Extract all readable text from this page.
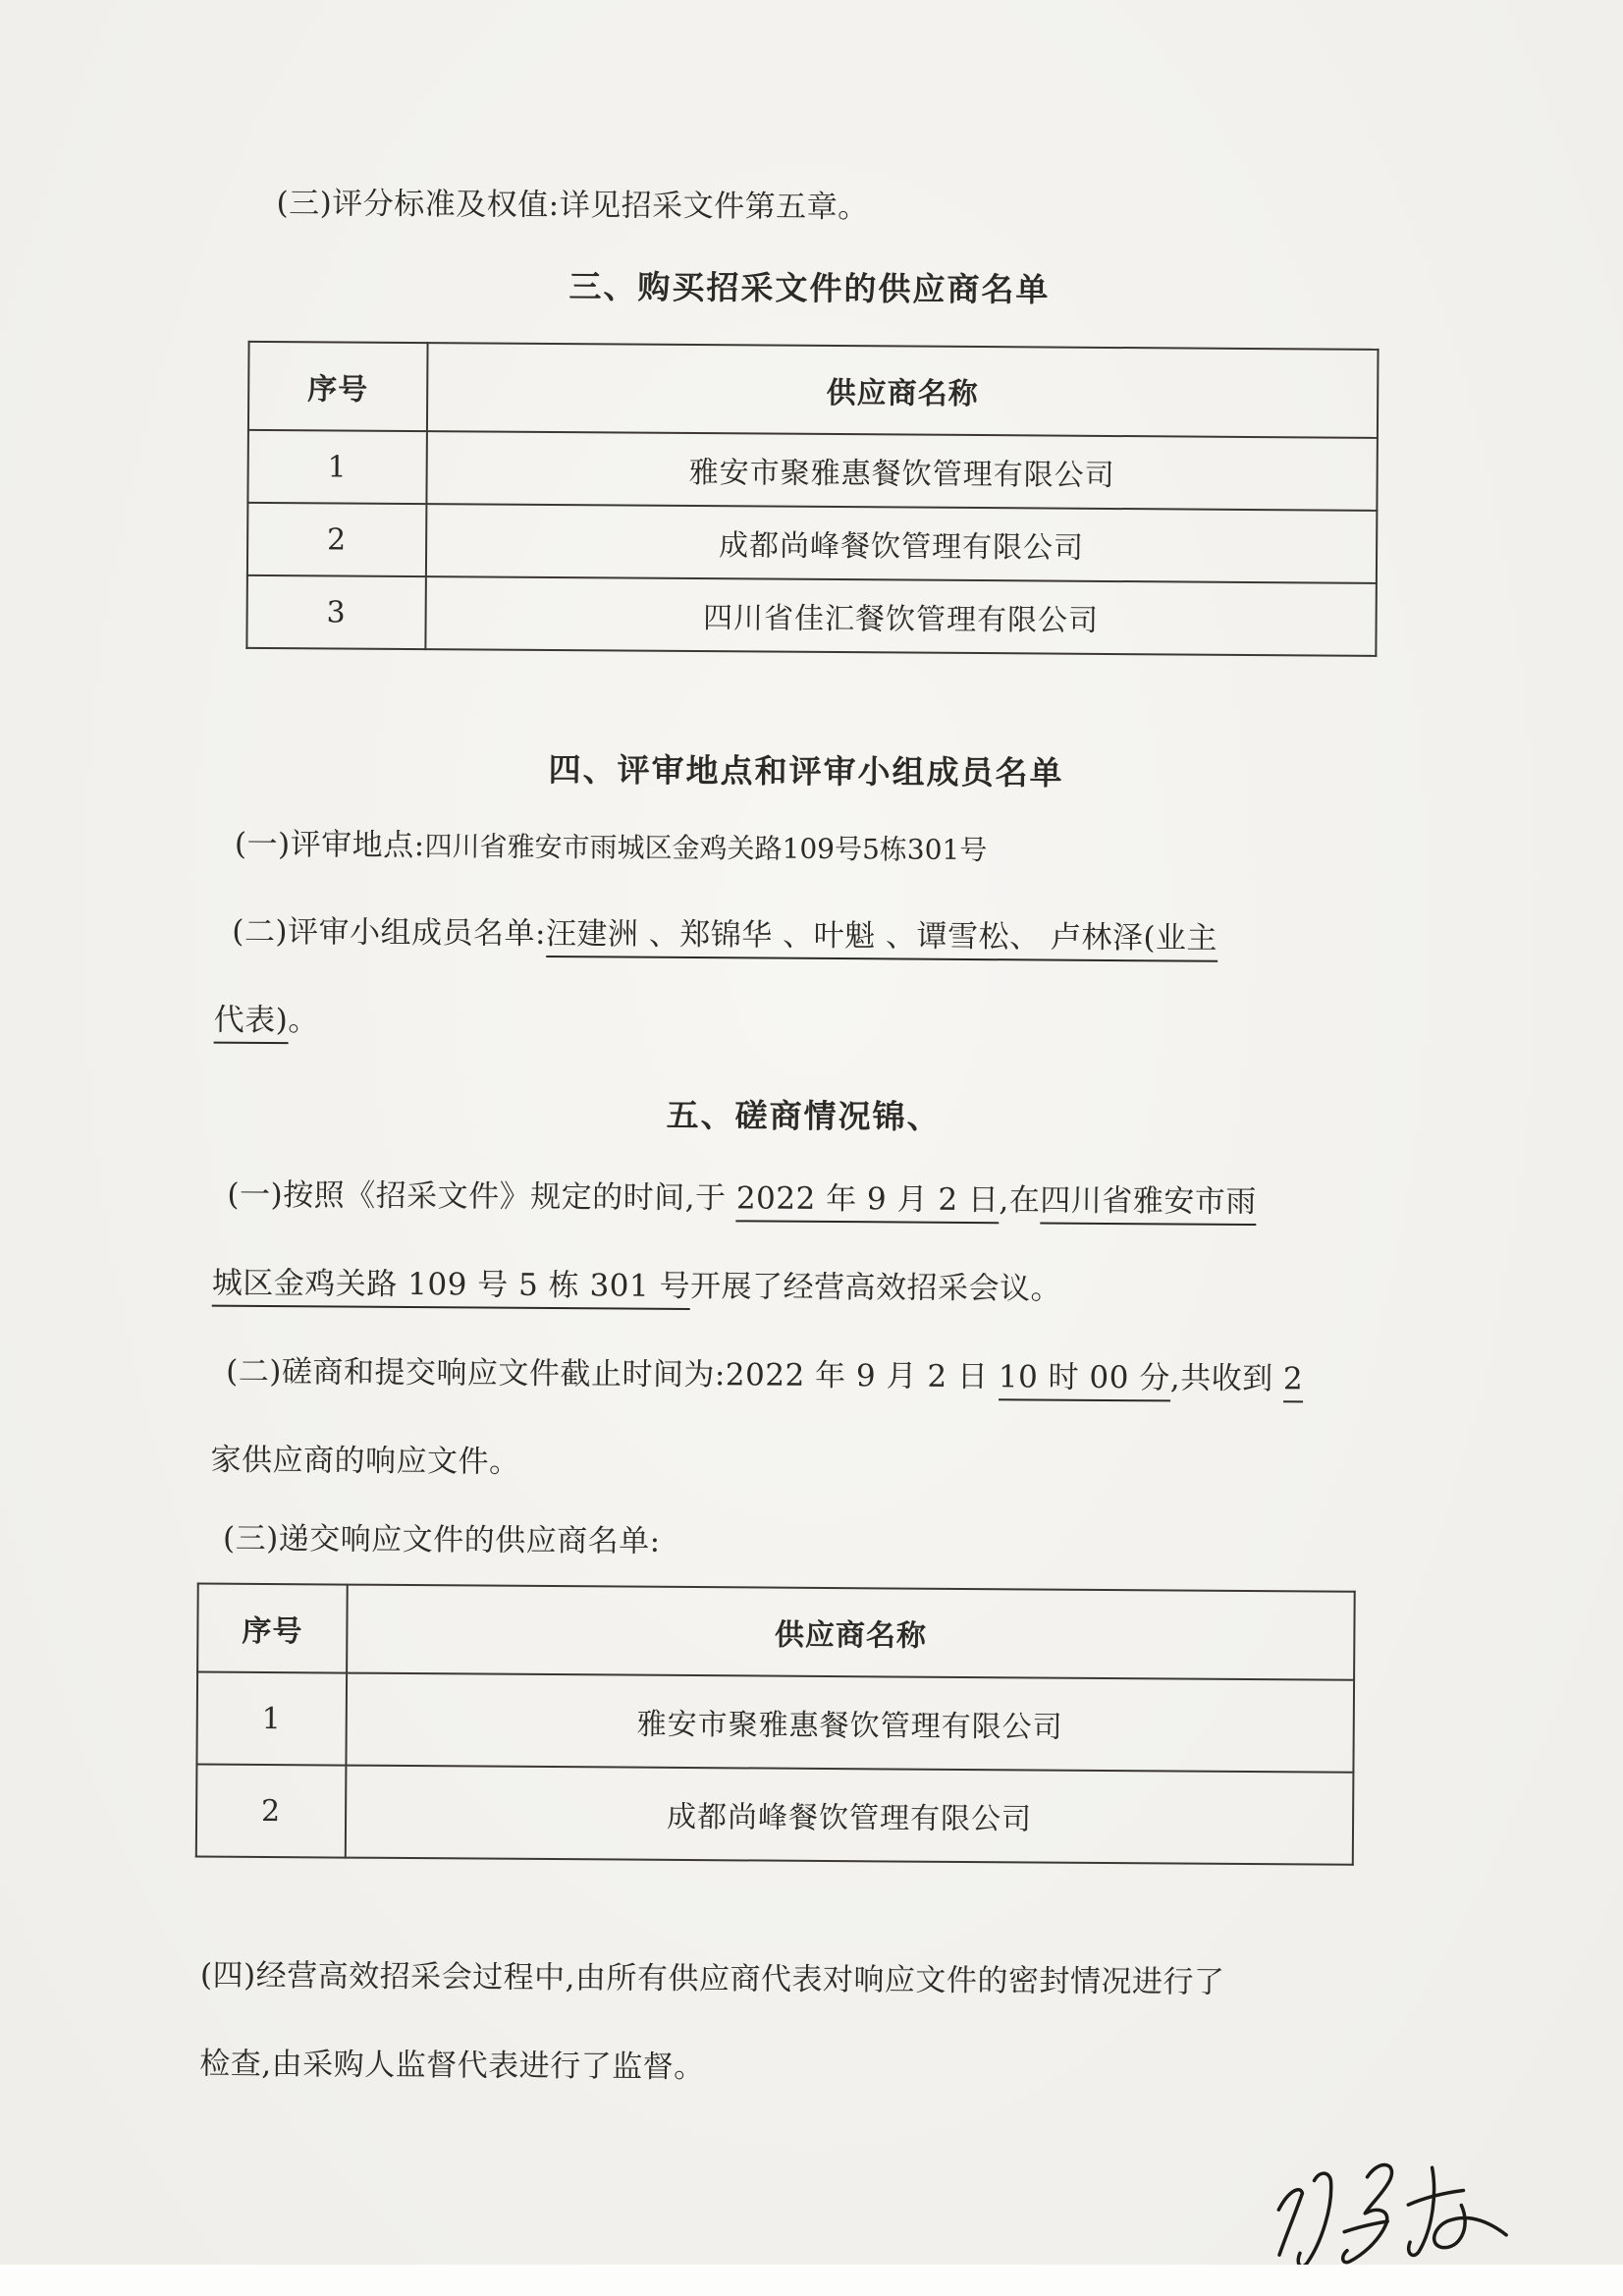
(三)评分标准及权值:详见招采文件第五章。
三、购买招采文件的供应商名单
序号	供应商名称
1	雅安市聚雅惠餐饮管理有限公司
2	成都尚峰餐饮管理有限公司
3	四川省佳汇餐饮管理有限公司
四、评审地点和评审小组成员名单
(一)评审地点:四川省雅安市雨城区金鸡关路109号5栋301号
(二)评审小组成员名单:汪建洲 、郑锦华 、叶魁 、谭雪松、 卢林泽(业主
代表)。
五、磋商情况锦、
(一)按照《招采文件》规定的时间,于 2022 年 9 月 2 日,在四川省雅安市雨
城区金鸡关路 109 号 5 栋 301 号开展了经营高效招采会议。
(二)磋商和提交响应文件截止时间为:2022 年 9 月 2 日 10 时 00 分,共收到 2
家供应商的响应文件。
(三)递交响应文件的供应商名单:
序号	供应商名称
1	雅安市聚雅惠餐饮管理有限公司
2	成都尚峰餐饮管理有限公司
(四)经营高效招采会过程中,由所有供应商代表对响应文件的密封情况进行了
检查,由采购人监督代表进行了监督。
